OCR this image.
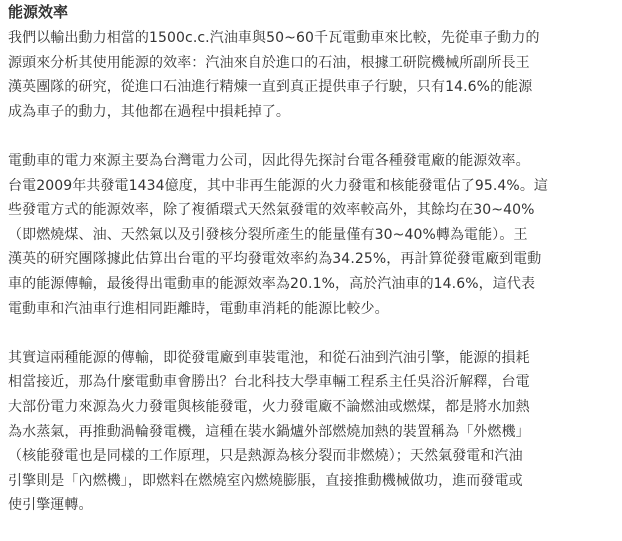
能源效率

我們以輸出動力相當的1500c.c.汽油車與50~60千瓦電動車來比較，先從車子動力的
源頭來分析其使用能源的效率：汽油來自於進口的石油，根據工研院機械所副所長王
漢英團隊的研究，從進口石油進行精煉一直到真正提供車子行駛，只有14.6%的能源
成為車子的動力，其他都在過程中損耗掉了。

電動車的電力來源主要為台灣電力公司，因此得先探討台電各種發電廠的能源效率。
台電2009年共發電1434億度，其中非再生能源的火力發電和核能發電佔了95.4%。這
些發電方式的能源效率，除了複循環式天然氣發電的效率較高外，其餘均在30~40%
（即燃燒煤、油、天然氣以及引發核分裂所產生的能量僅有30~40%轉為電能）。王
漢英的研究團隊據此估算出台電的平均發電效率約為34.25%，再計算從發電廠到電動
車的能源傳輸，最後得出電動車的能源效率為20.1%，高於汽油車的14.6%，這代表
電動車和汽油車行進相同距離時，電動車消耗的能源比較少。

其實這兩種能源的傳輸，即從發電廠到車裝電池，和從石油到汽油引擎，能源的損耗
相當接近，那為什麼電動車會勝出？台北科技大學車輛工程系主任吳浴沂解釋，台電
大部份電力來源為火力發電與核能發電，火力發電廠不論燃油或燃煤，都是將水加熱
為水蒸氣，再推動渦輪發電機，這種在裝水鍋爐外部燃燒加熱的裝置稱為「外燃機」
（核能發電也是同樣的工作原理，只是熱源為核分裂而非燃燒）；天然氣發電和汽油
引擎則是「內燃機」，即燃料在燃燒室內燃燒膨脹，直接推動機械做功，進而發電或
使引擎運轉。
